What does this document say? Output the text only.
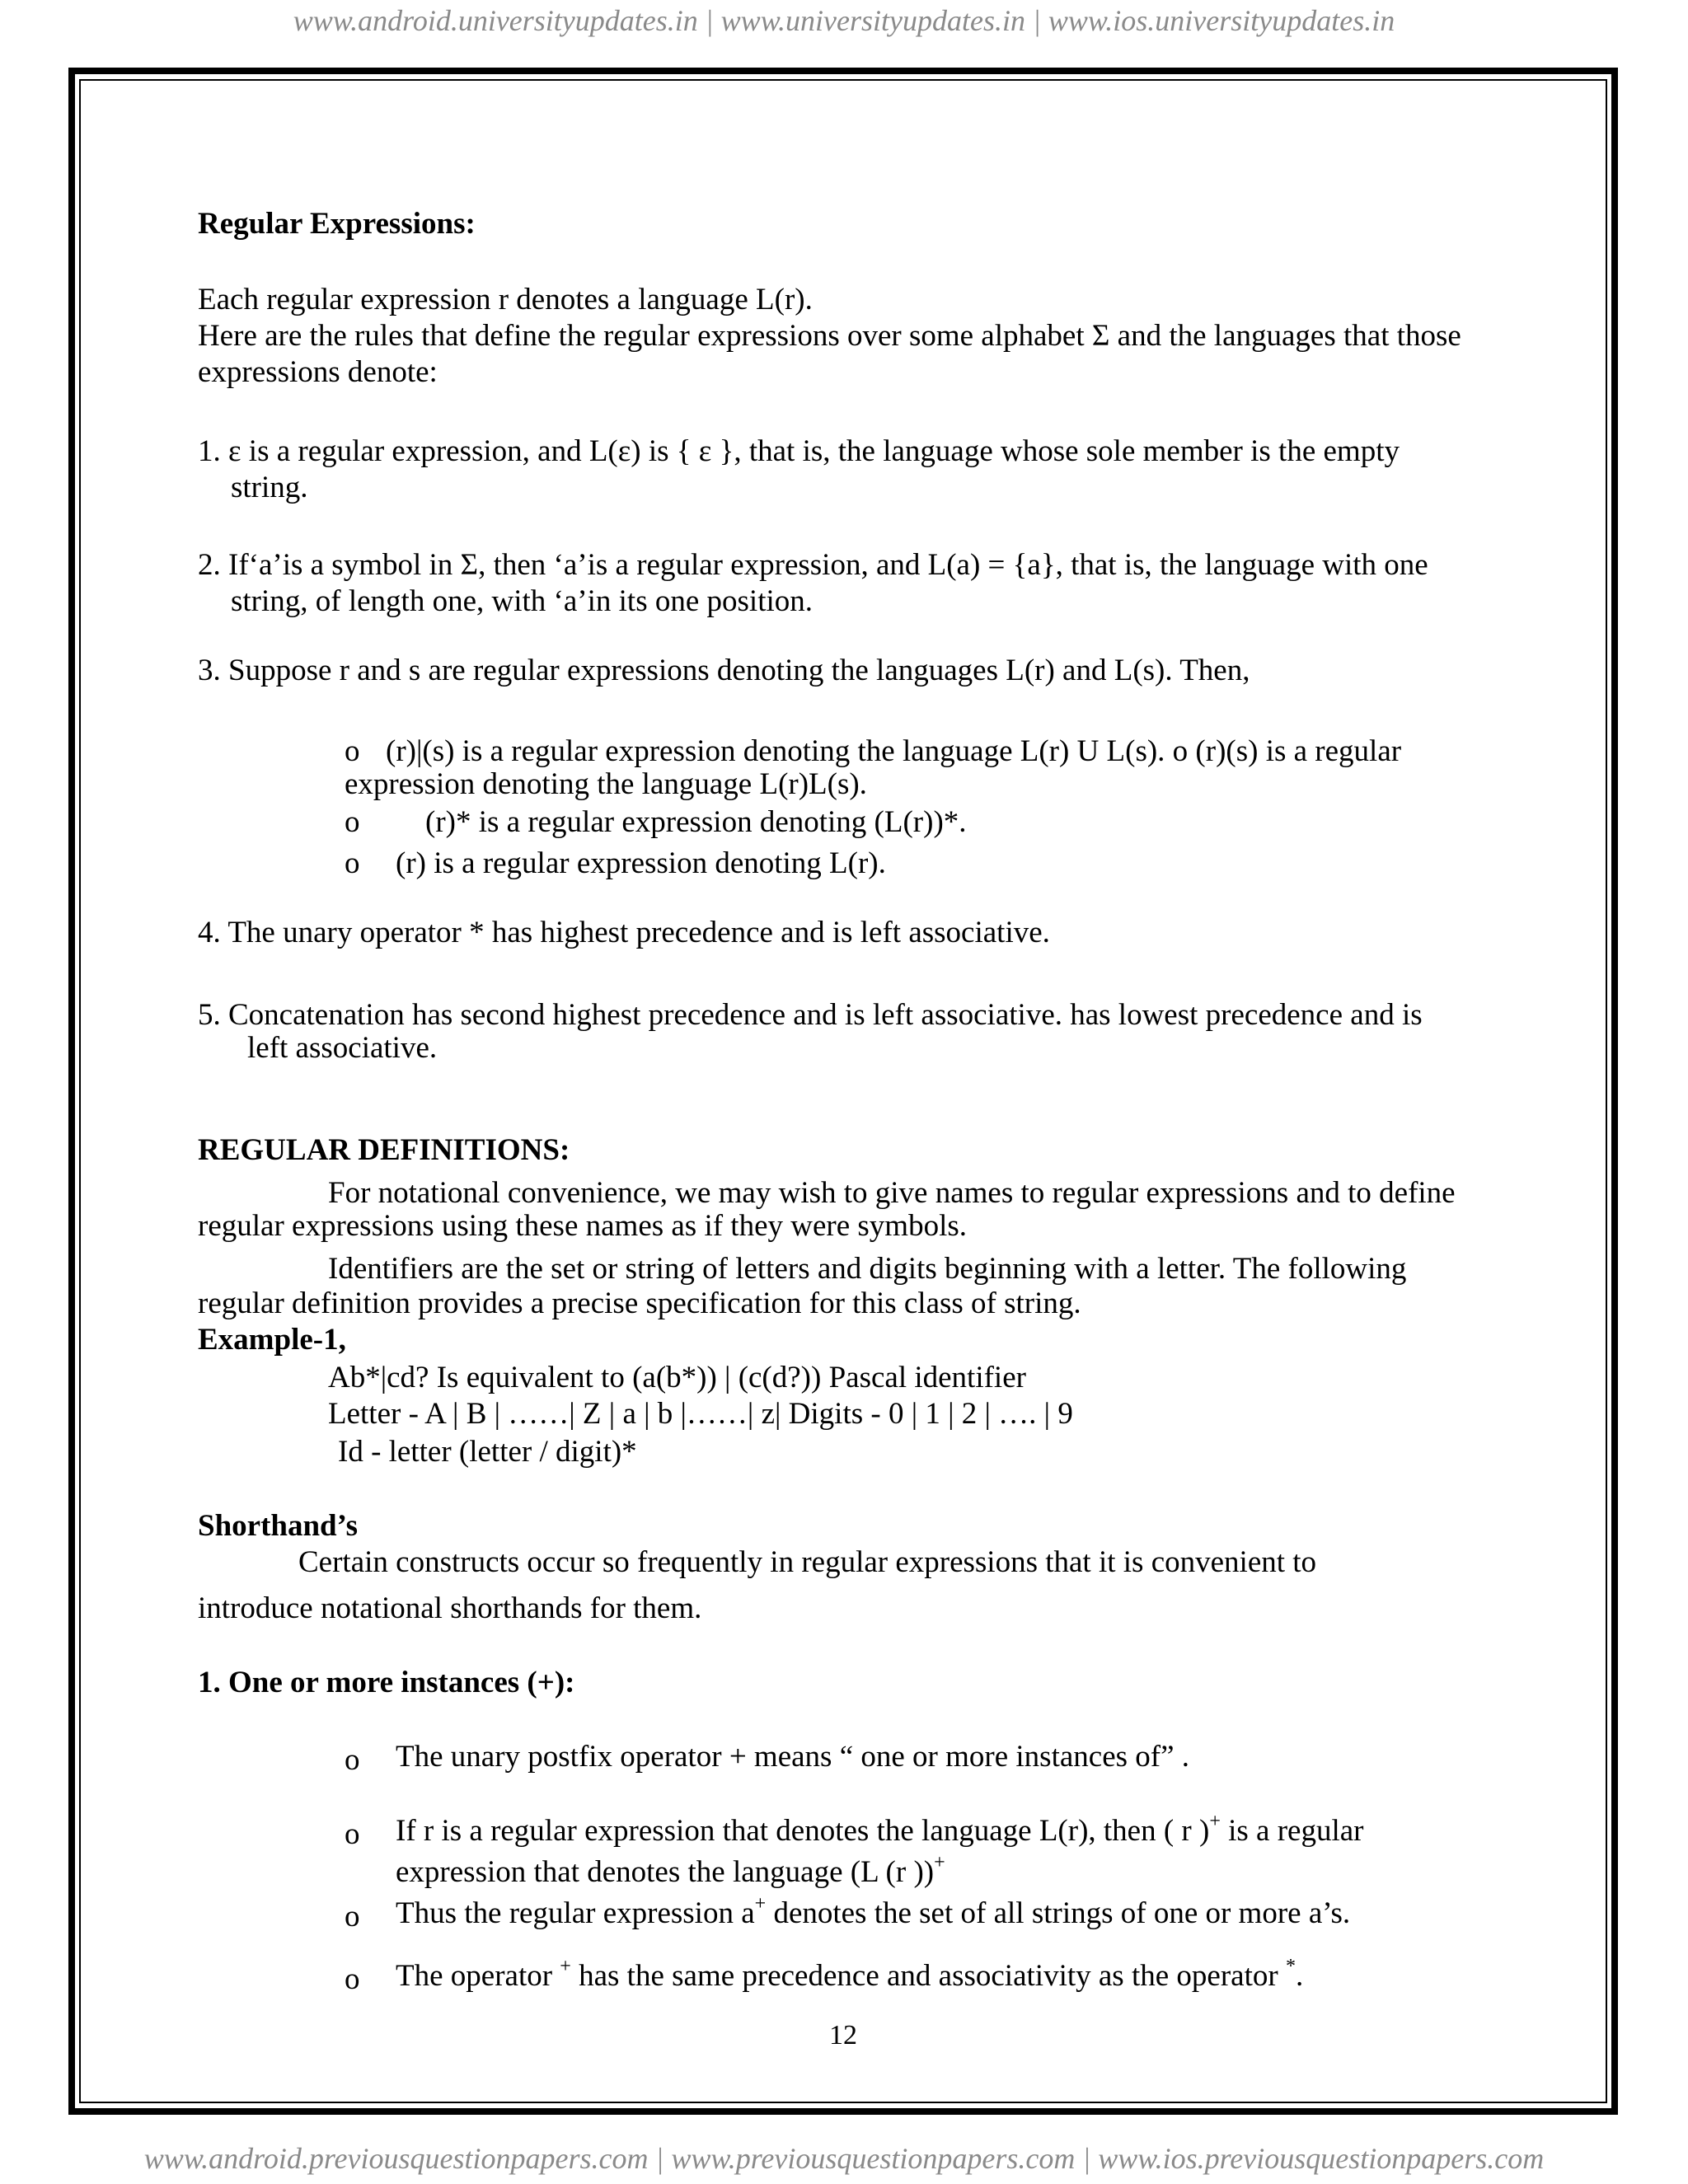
www.android.universityupdates.in | www.universityupdates.in | www.ios.universityupdates.in
Regular Expressions:
Each regular expression r denotes a language L(r).
Here are the rules that define the regular expressions over some alphabet Σ and the languages that those
expressions denote:
1. ε is a regular expression, and L(ε) is { ε }, that is, the language whose sole member is the empty
string.
2. If‘a’is a symbol in Σ, then ‘a’is a regular expression, and L(a) = {a}, that is, the language with one
string, of length one, with ‘a’in its one position.
3. Suppose r and s are regular expressions denoting the languages L(r) and L(s). Then,
o (r)|(s) is a regular expression denoting the language L(r) U L(s). o (r)(s) is a regular
expression denoting the language L(r)L(s).
o (r)* is a regular expression denoting (L(r))*.
o (r) is a regular expression denoting L(r).
4. The unary operator * has highest precedence and is left associative.
5. Concatenation has second highest precedence and is left associative. has lowest precedence and is
left associative.
REGULAR DEFINITIONS:
For notational convenience, we may wish to give names to regular expressions and to define
regular expressions using these names as if they were symbols.
Identifiers are the set or string of letters and digits beginning with a letter. The following
regular definition provides a precise specification for this class of string.
Example-1,
Ab*|cd? Is equivalent to (a(b*)) | (c(d?)) Pascal identifier
Letter - A | B | ……| Z | a | b |……| z| Digits - 0 | 1 | 2 | …. | 9
Id - letter (letter / digit)*
Shorthand’s
Certain constructs occur so frequently in regular expressions that it is convenient to
introduce notational shorthands for them.
1. One or more instances (+):
o The unary postfix operator + means “ one or more instances of” .
o If r is a regular expression that denotes the language L(r), then ( r )+ is a regular
expression that denotes the language (L (r ))+
o Thus the regular expression a+ denotes the set of all strings of one or more a’s.
o The operator + has the same precedence and associativity as the operator *.
12
www.android.previousquestionpapers.com | www.previousquestionpapers.com | www.ios.previousquestionpapers.com
